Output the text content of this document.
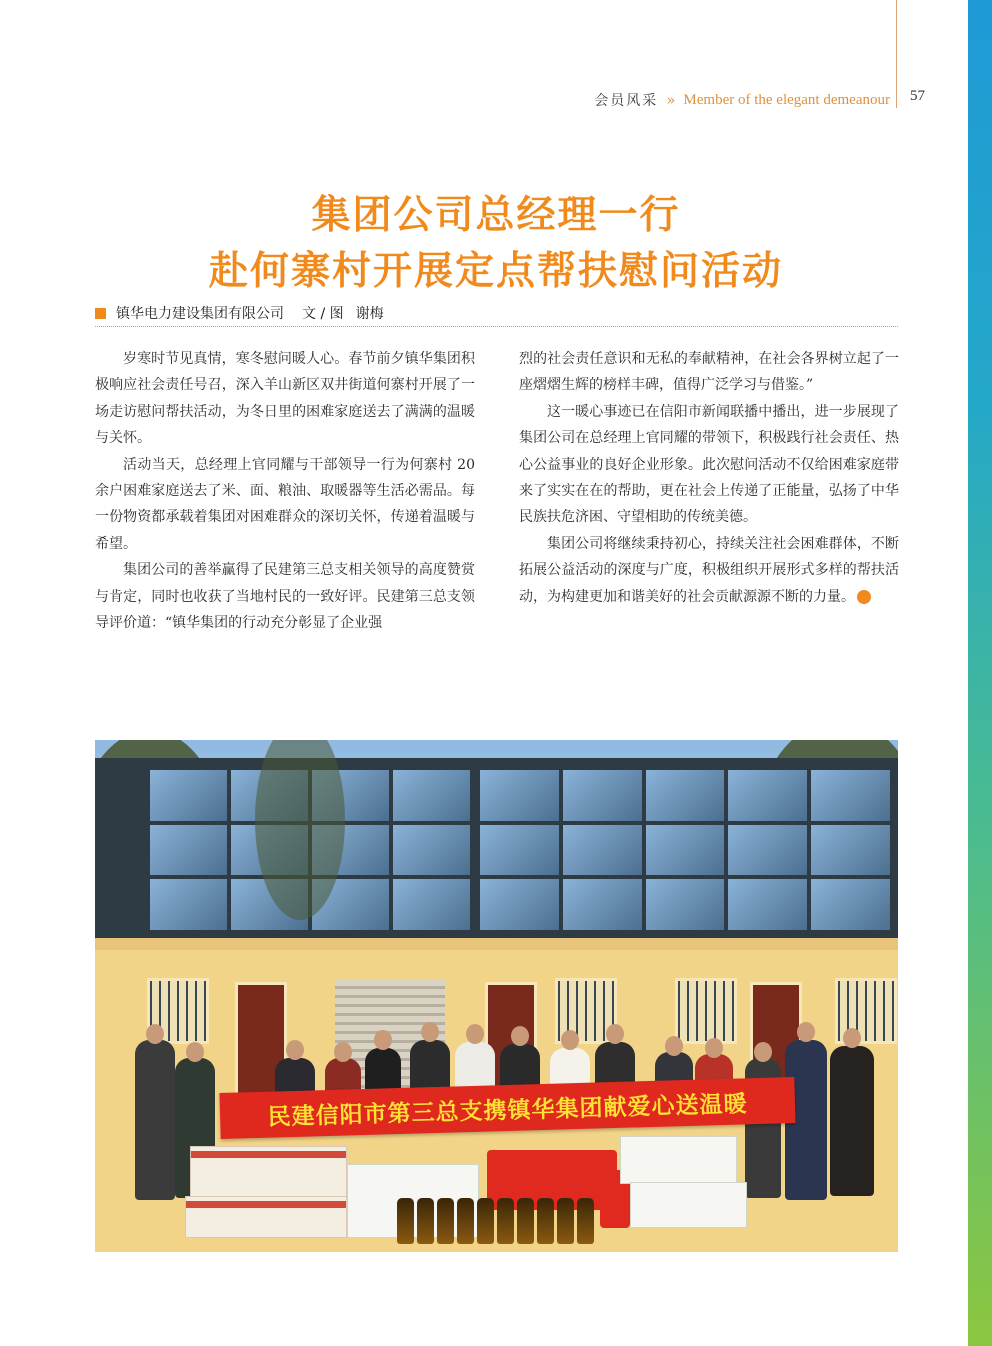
会员风采 » Member of the elegant demeanour 57
集团公司总经理一行
赴何寨村开展定点帮扶慰问活动
镇华电力建设集团有限公司 文 / 图 谢梅

岁寒时节见真情，寒冬慰问暖人心。春节前夕镇华集团积极响应社会责任号召，深入羊山新区双井街道何寨村开展了一场走访慰问帮扶活动，为冬日里的困难家庭送去了满满的温暖与关怀。

活动当天，总经理上官同耀与干部领导一行为何寨村 20 余户困难家庭送去了米、面、粮油、取暖器等生活必需品。每一份物资都承载着集团对困难群众的深切关怀，传递着温暖与希望。

集团公司的善举赢得了民建第三总支相关领导的高度赞赏与肯定，同时也收获了当地村民的一致好评。民建第三总支领导评价道：“镇华集团的行动充分彰显了企业强

烈的社会责任意识和无私的奉献精神，在社会各界树立起了一座熠熠生辉的榜样丰碑，值得广泛学习与借鉴。”

这一暖心事迹已在信阳市新闻联播中播出，进一步展现了集团公司在总经理上官同耀的带领下，积极践行社会责任、热心公益事业的良好企业形象。此次慰问活动不仅给困难家庭带来了实实在在的帮助，更在社会上传递了正能量，弘扬了中华民族扶危济困、守望相助的传统美德。

集团公司将继续秉持初心，持续关注社会困难群体，不断拓展公益活动的深度与广度，积极组织开展形式多样的帮扶活动，为构建更加和谐美好的社会贡献源源不断的力量。	◎

民建信阳市第三总支携镇华集团献爱心送温暖
